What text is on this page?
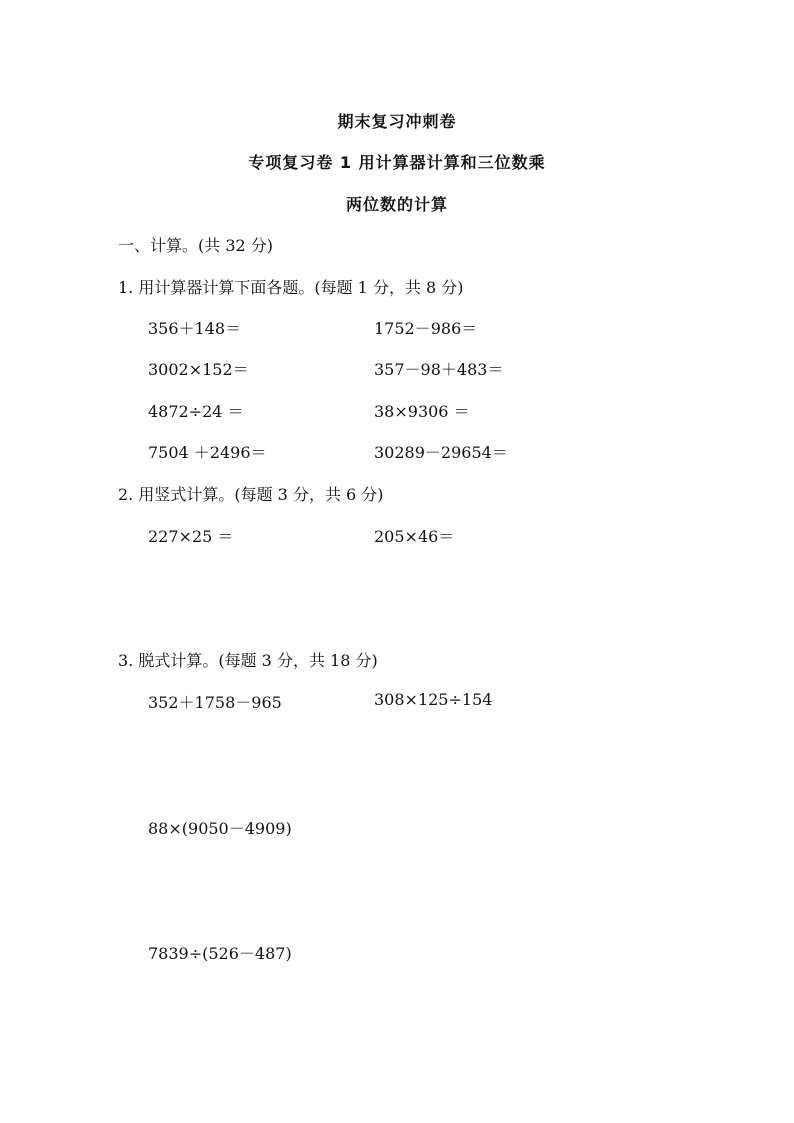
期末复习冲刺卷
专项复习卷 1 用计算器计算和三位数乘
两位数的计算
一、计算。(共 32 分)
1. 用计算器计算下面各题。(每题 1 分，共 8 分)
356＋148＝	1752－986＝
3002×152＝	357－98＋483＝
4872÷24 ＝	38×9306 ＝
7504 ＋2496＝	30289－29654＝
2. 用竖式计算。(每题 3 分，共 6 分)
227×25 ＝	205×46＝
3. 脱式计算。(每题 3 分，共 18 分)
352＋1758－965	308×125÷154
88×(9050－4909)
7839÷(526－487)
